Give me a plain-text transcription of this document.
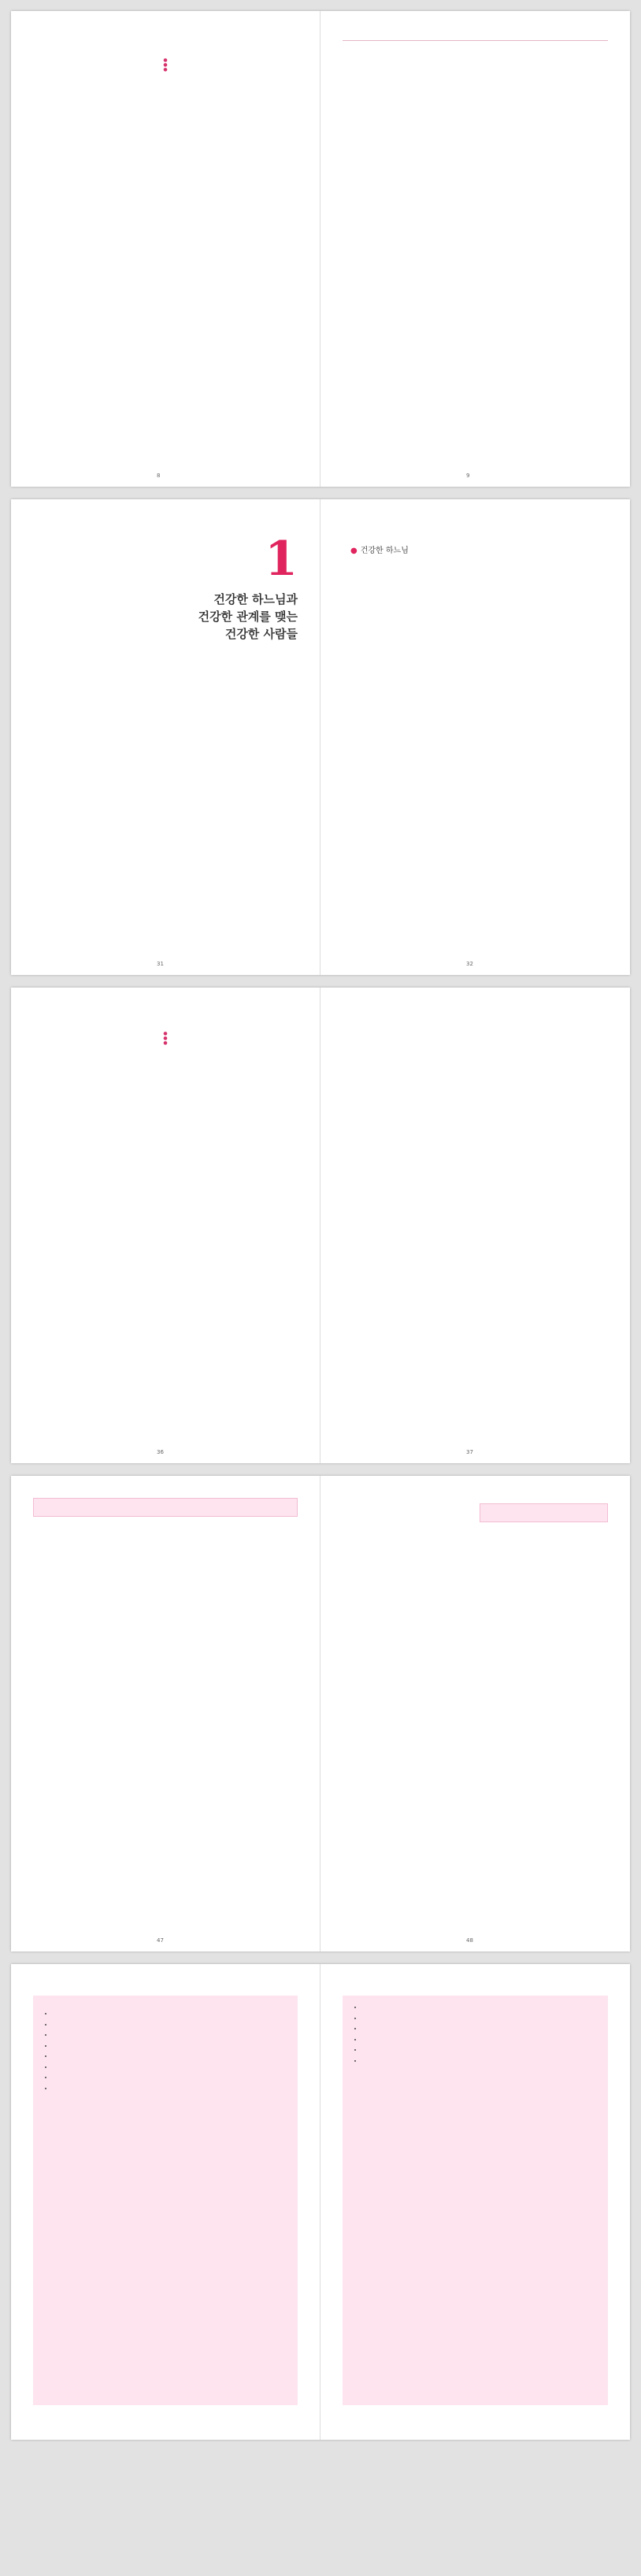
●
●
●

8	9
1
건강한 하느님과
건강한 관계를 맺는
건강한 사람들

31

● 건강한 하느님

32
●
●
●

36	37

47	48

•
•
•
•
•
•
•
•
•
•
•
•
•
•
